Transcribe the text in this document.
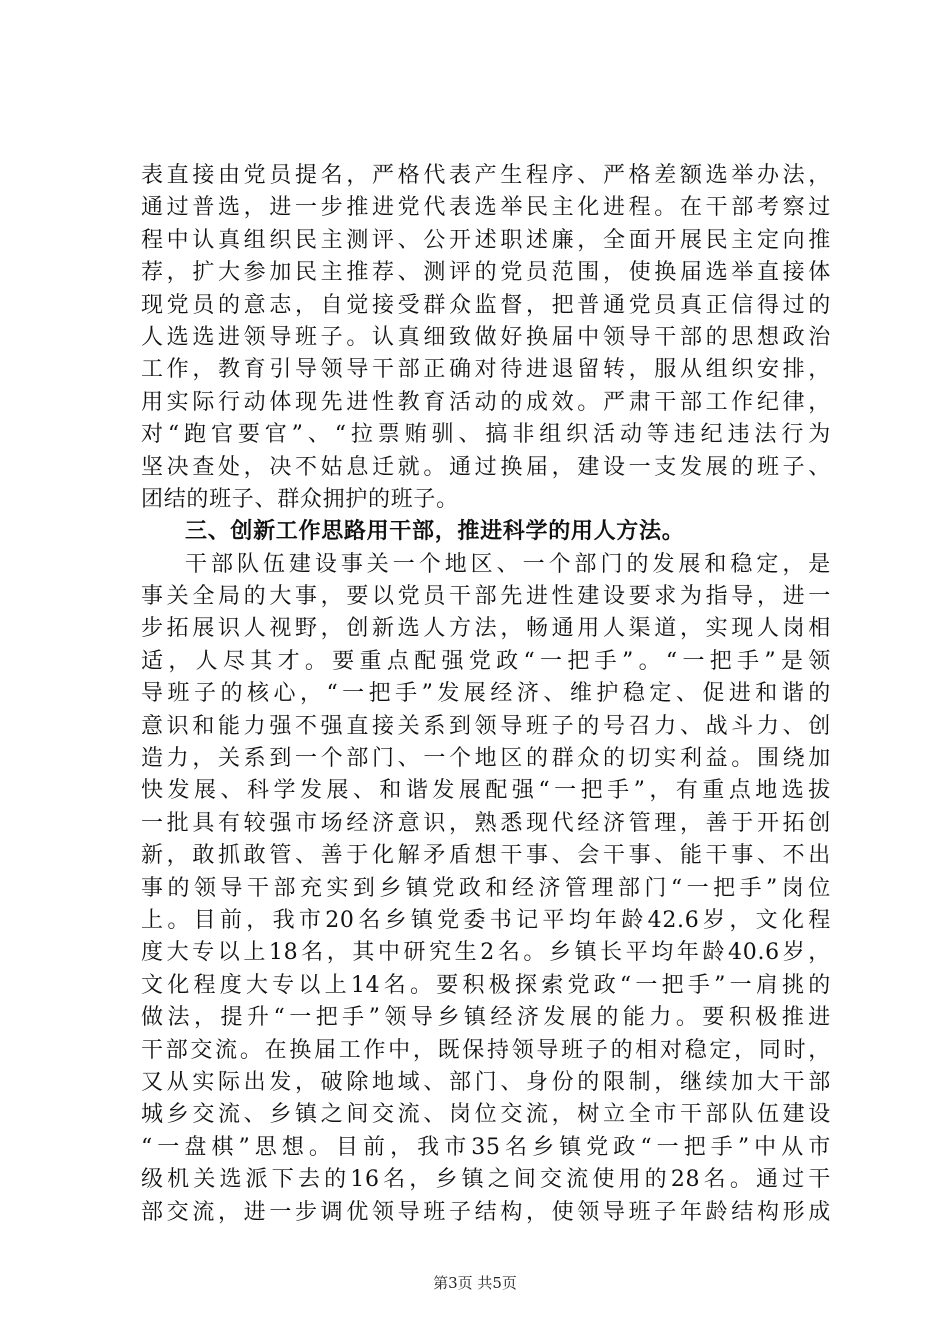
表直接由党员提名，严格代表产生程序、严格差额选举办法，
通过普选，进一步推进党代表选举民主化进程。在干部考察过
程中认真组织民主测评、公开述职述廉，全面开展民主定向推
荐，扩大参加民主推荐、测评的党员范围，使换届选举直接体
现党员的意志，自觉接受群众监督，把普通党员真正信得过的
人选选进领导班子。认真细致做好换届中领导干部的思想政治
工作，教育引导领导干部正确对待进退留转，服从组织安排，
用实际行动体现先进性教育活动的成效。严肃干部工作纪律，
对“跑官要官”、“拉票贿驯、搞非组织活动等违纪违法行为
坚决查处，决不姑息迁就。通过换届，建设一支发展的班子、
团结的班子、群众拥护的班子。
三、创新工作思路用干部，推进科学的用人方法。
干部队伍建设事关一个地区、一个部门的发展和稳定，是
事关全局的大事，要以党员干部先进性建设要求为指导，进一
步拓展识人视野，创新选人方法，畅通用人渠道，实现人岗相
适，人尽其才。要重点配强党政“一把手”。“一把手”是领
导班子的核心，“一把手”发展经济、维护稳定、促进和谐的
意识和能力强不强直接关系到领导班子的号召力、战斗力、创
造力，关系到一个部门、一个地区的群众的切实利益。围绕加
快发展、科学发展、和谐发展配强“一把手”，有重点地选拔
一批具有较强市场经济意识，熟悉现代经济管理，善于开拓创
新，敢抓敢管、善于化解矛盾想干事、会干事、能干事、不出
事的领导干部充实到乡镇党政和经济管理部门“一把手”岗位
上。目前，我市20名乡镇党委书记平均年龄42.6岁，文化程
度大专以上18名，其中研究生2名。乡镇长平均年龄40.6岁，
文化程度大专以上14名。要积极探索党政“一把手”一肩挑的
做法，提升“一把手”领导乡镇经济发展的能力。要积极推进
干部交流。在换届工作中，既保持领导班子的相对稳定，同时，
又从实际出发，破除地域、部门、身份的限制，继续加大干部
城乡交流、乡镇之间交流、岗位交流，树立全市干部队伍建设
“一盘棋”思想。目前，我市35名乡镇党政“一把手”中从市
级机关选派下去的16名，乡镇之间交流使用的28名。通过干
部交流，进一步调优领导班子结构，使领导班子年龄结构形成
第3页 共5页
